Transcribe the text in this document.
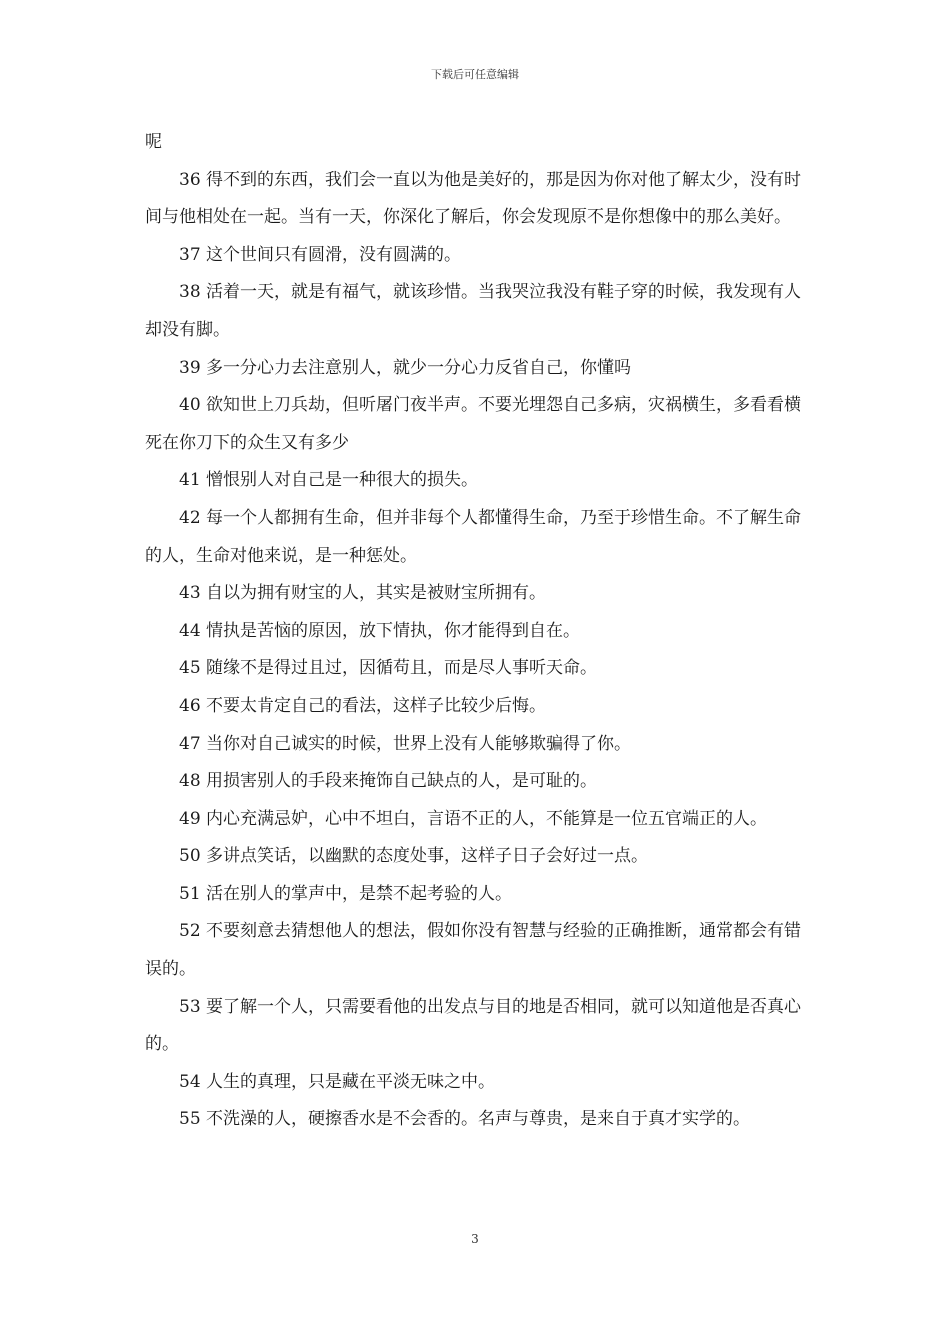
下载后可任意编辑

呢

36 得不到的东西，我们会一直以为他是美好的，那是因为你对他了解太少，没有时间与他相处在一起。当有一天，你深化了解后，你会发现原不是你想像中的那么美好。

37 这个世间只有圆滑，没有圆满的。

38 活着一天，就是有福气，就该珍惜。当我哭泣我没有鞋子穿的时候，我发现有人却没有脚。

39 多一分心力去注意别人，就少一分心力反省自己，你懂吗

40 欲知世上刀兵劫，但听屠门夜半声。不要光埋怨自己多病，灾祸横生，多看看横死在你刀下的众生又有多少

41 憎恨别人对自己是一种很大的损失。

42 每一个人都拥有生命，但并非每个人都懂得生命，乃至于珍惜生命。不了解生命的人，生命对他来说，是一种惩处。

43 自以为拥有财宝的人，其实是被财宝所拥有。

44 情执是苦恼的原因，放下情执，你才能得到自在。

45 随缘不是得过且过，因循苟且，而是尽人事听天命。

46 不要太肯定自己的看法，这样子比较少后悔。

47 当你对自己诚实的时候，世界上没有人能够欺骗得了你。

48 用损害别人的手段来掩饰自己缺点的人，是可耻的。

49 内心充满忌妒，心中不坦白，言语不正的人，不能算是一位五官端正的人。

50 多讲点笑话，以幽默的态度处事，这样子日子会好过一点。

51 活在别人的掌声中，是禁不起考验的人。

52 不要刻意去猜想他人的想法，假如你没有智慧与经验的正确推断，通常都会有错误的。

53 要了解一个人，只需要看他的出发点与目的地是否相同，就可以知道他是否真心的。

54 人生的真理，只是藏在平淡无味之中。

55 不洗澡的人，硬擦香水是不会香的。名声与尊贵，是来自于真才实学的。

3
